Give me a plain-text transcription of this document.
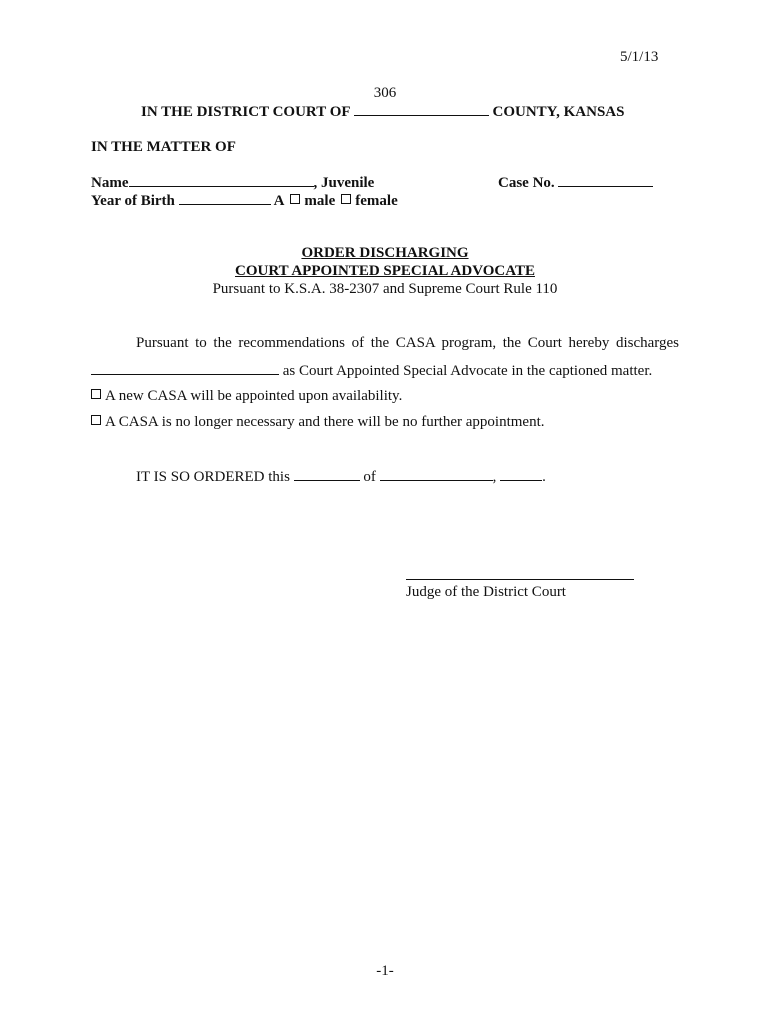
5/1/13
306
IN THE DISTRICT COURT OF	COUNTY, KANSAS
IN THE MATTER OF
Name	, Juvenile	Case No.
Year of Birth	A male female
ORDER DISCHARGING
COURT APPOINTED SPECIAL ADVOCATE
Pursuant to K.S.A. 38-2307 and Supreme Court Rule 110
Pursuant to the recommendations of the CASA program, the Court hereby discharges
as Court Appointed Special Advocate in the captioned matter.
A new CASA will be appointed upon availability.
A CASA is no longer necessary and there will be no further appointment.
IT IS SO ORDERED this	of	,	.
Judge of the District Court
-1-
